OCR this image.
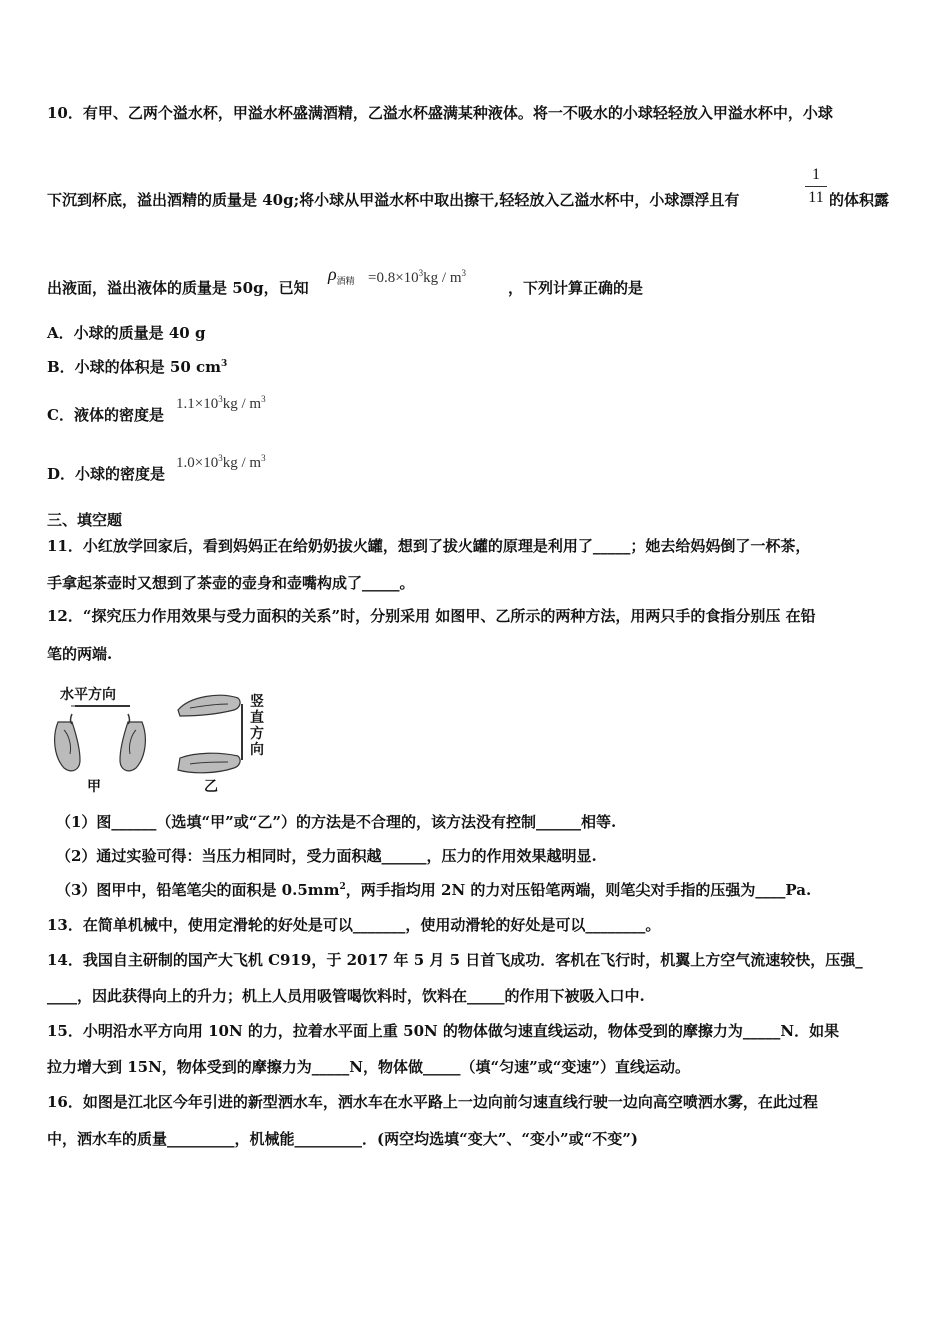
10．有甲、乙两个溢水杯，甲溢水杯盛满酒精，乙溢水杯盛满某种液体。将一不吸水的小球轻轻放入甲溢水杯中，小球
下沉到杯底，溢出酒精的质量是 40g;将小球从甲溢水杯中取出擦干,轻轻放入乙溢水杯中，小球漂浮且有
1
11 的体积露
出液面，溢出液体的质量是 50g，已知
$\rho_{酒精} =0.8\times 10^3kg / m^3$
，下列计算正确的是
A．小球的质量是 40 g
B．小球的体积是 50 $cm^3$
C．液体的密度是
$1.1\times 10^3kg / m^3$
D．小球的密度是
$1.0\times 10^3kg / m^3$
三、填空题
11．小红放学回家后，看到妈妈正在给奶奶拔火罐，想到了拔火罐的原理是利用了_____；她去给妈妈倒了一杯茶，
手拿起茶壶时又想到了茶壶的壶身和壶嘴构成了_____。
12．“探究压力作用效果与受力面积的关系”时，分别采用 如图甲、乙所示的两种方法，用两只手的食指分别压 在铅
笔的两端.
水平方向	竖直方向
甲	乙
（1）图______（选填“甲”或“乙”）的方法是不合理的，该方法没有控制______相等.
（2）通过实验可得：当压力相同时，受力面积越______，压力的作用效果越明显.
（3）图甲中，铅笔笔尖的面积是 $0.5mm^2$，两手指均用 2N 的力对压铅笔两端，则笔尖对手指的压强为____Pa.
13．在简单机械中，使用定滑轮的好处是可以_______，使用动滑轮的好处是可以________。
14．我国自主研制的国产大飞机 C919，于 2017 年 5 月 5 日首飞成功．客机在飞行时，机翼上方空气流速较快，压强_
____，因此获得向上的升力；机上人员用吸管喝饮料时，饮料在_____的作用下被吸入口中.
15．小明沿水平方向用 10N 的力，拉着水平面上重 50N 的物体做匀速直线运动，物体受到的摩擦力为_____N．如果
拉力增大到 15N，物体受到的摩擦力为_____N，物体做_____（填“匀速”或“变速”）直线运动。
16．如图是江北区今年引进的新型洒水车，洒水车在水平路上一边向前匀速直线行驶一边向高空喷洒水雾，在此过程
中，洒水车的质量_________，机械能_________．(两空均选填“变大”、“变小”或“不变”)
